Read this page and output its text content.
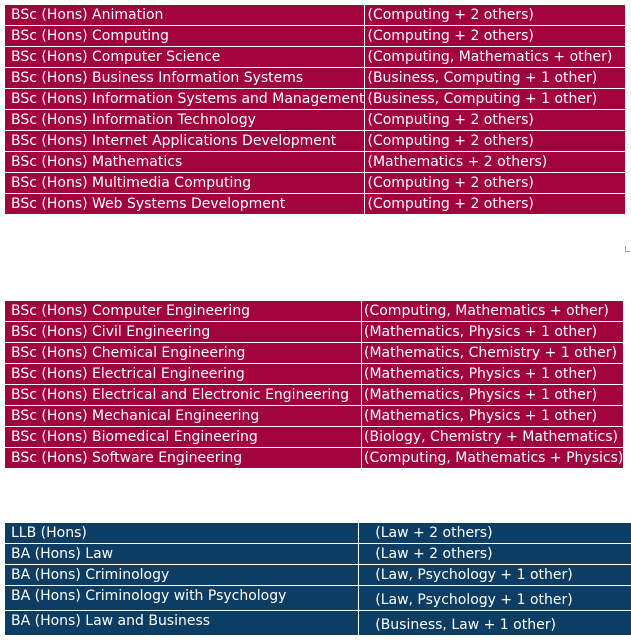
BSc (Hons) Animation	(Computing + 2 others)
BSc (Hons) Computing	(Computing + 2 others)
BSc (Hons) Computer Science	(Computing, Mathematics + other)
BSc (Hons) Business Information Systems	(Business, Computing + 1 other)
BSc (Hons) Information Systems and Management	(Business, Computing + 1 other)
BSc (Hons) Information Technology	(Computing + 2 others)
BSc (Hons) Internet Applications Development	(Computing + 2 others)
BSc (Hons) Mathematics	(Mathematics + 2 others)
BSc (Hons) Multimedia Computing	(Computing + 2 others)
BSc (Hons) Web Systems Development	(Computing + 2 others)
BSc (Hons) Computer Engineering	(Computing, Mathematics + other)
BSc (Hons) Civil Engineering	(Mathematics, Physics + 1 other)
BSc (Hons) Chemical Engineering	(Mathematics, Chemistry + 1 other)
BSc (Hons) Electrical Engineering	(Mathematics, Physics + 1 other)
BSc (Hons) Electrical and Electronic Engineering	(Mathematics, Physics + 1 other)
BSc (Hons) Mechanical Engineering	(Mathematics, Physics + 1 other)
BSc (Hons) Biomedical Engineering	(Biology, Chemistry + Mathematics)
BSc (Hons) Software Engineering	(Computing, Mathematics + Physics)
LLB (Hons)	(Law + 2 others)
BA (Hons) Law	(Law + 2 others)
BA (Hons) Criminology	(Law, Psychology + 1 other)
BA (Hons) Criminology with Psychology	(Law, Psychology + 1 other)
BA (Hons) Law and Business	(Business, Law + 1 other)
